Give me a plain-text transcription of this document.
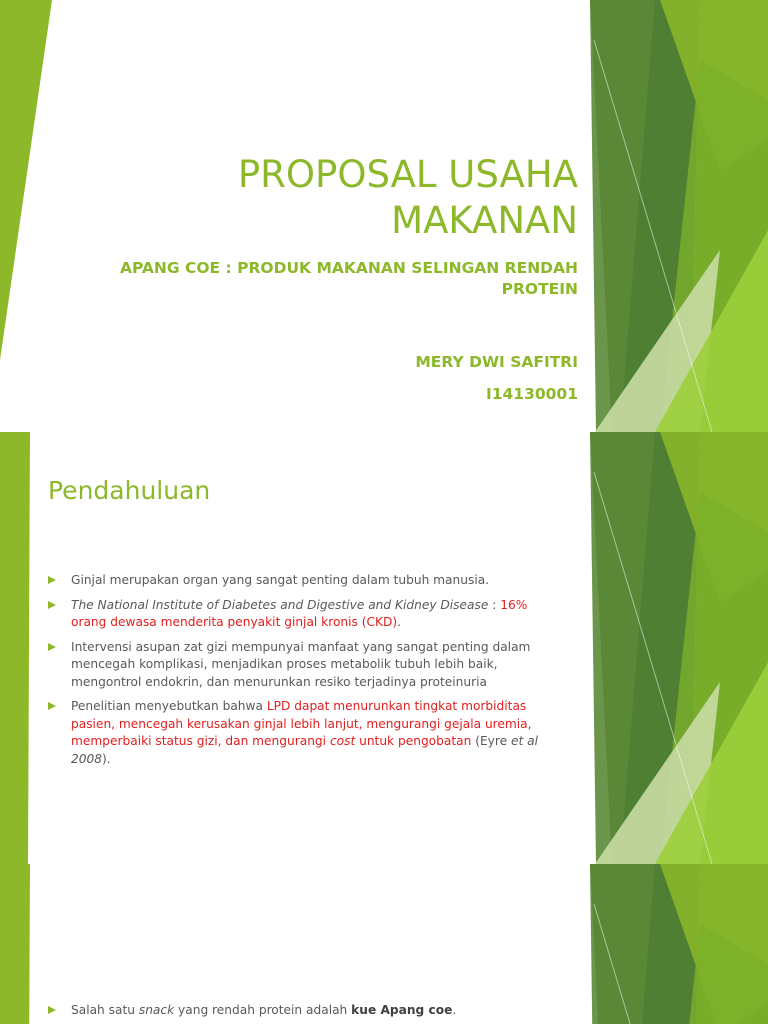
PROPOSAL USAHA
MAKANAN
APANG COE : PRODUK MAKANAN SELINGAN RENDAH
PROTEIN
MERY DWI SAFITRI
I14130001
Pendahuluan
Ginjal merupakan organ yang sangat penting dalam tubuh manusia.
The National Institute of Diabetes and Digestive and Kidney Disease : 16% orang dewasa menderita penyakit ginjal kronis (CKD).
Intervensi asupan zat gizi mempunyai manfaat yang sangat penting dalam mencegah komplikasi, menjadikan proses metabolik tubuh lebih baik, mengontrol endokrin, dan menurunkan resiko terjadinya proteinuria
Penelitian menyebutkan bahwa LPD dapat menurunkan tingkat morbiditas pasien, mencegah kerusakan ginjal lebih lanjut, mengurangi gejala uremia, memperbaiki status gizi, dan mengurangi cost untuk pengobatan (Eyre et al 2008).
Salah satu snack yang rendah protein adalah kue Apang coe.
